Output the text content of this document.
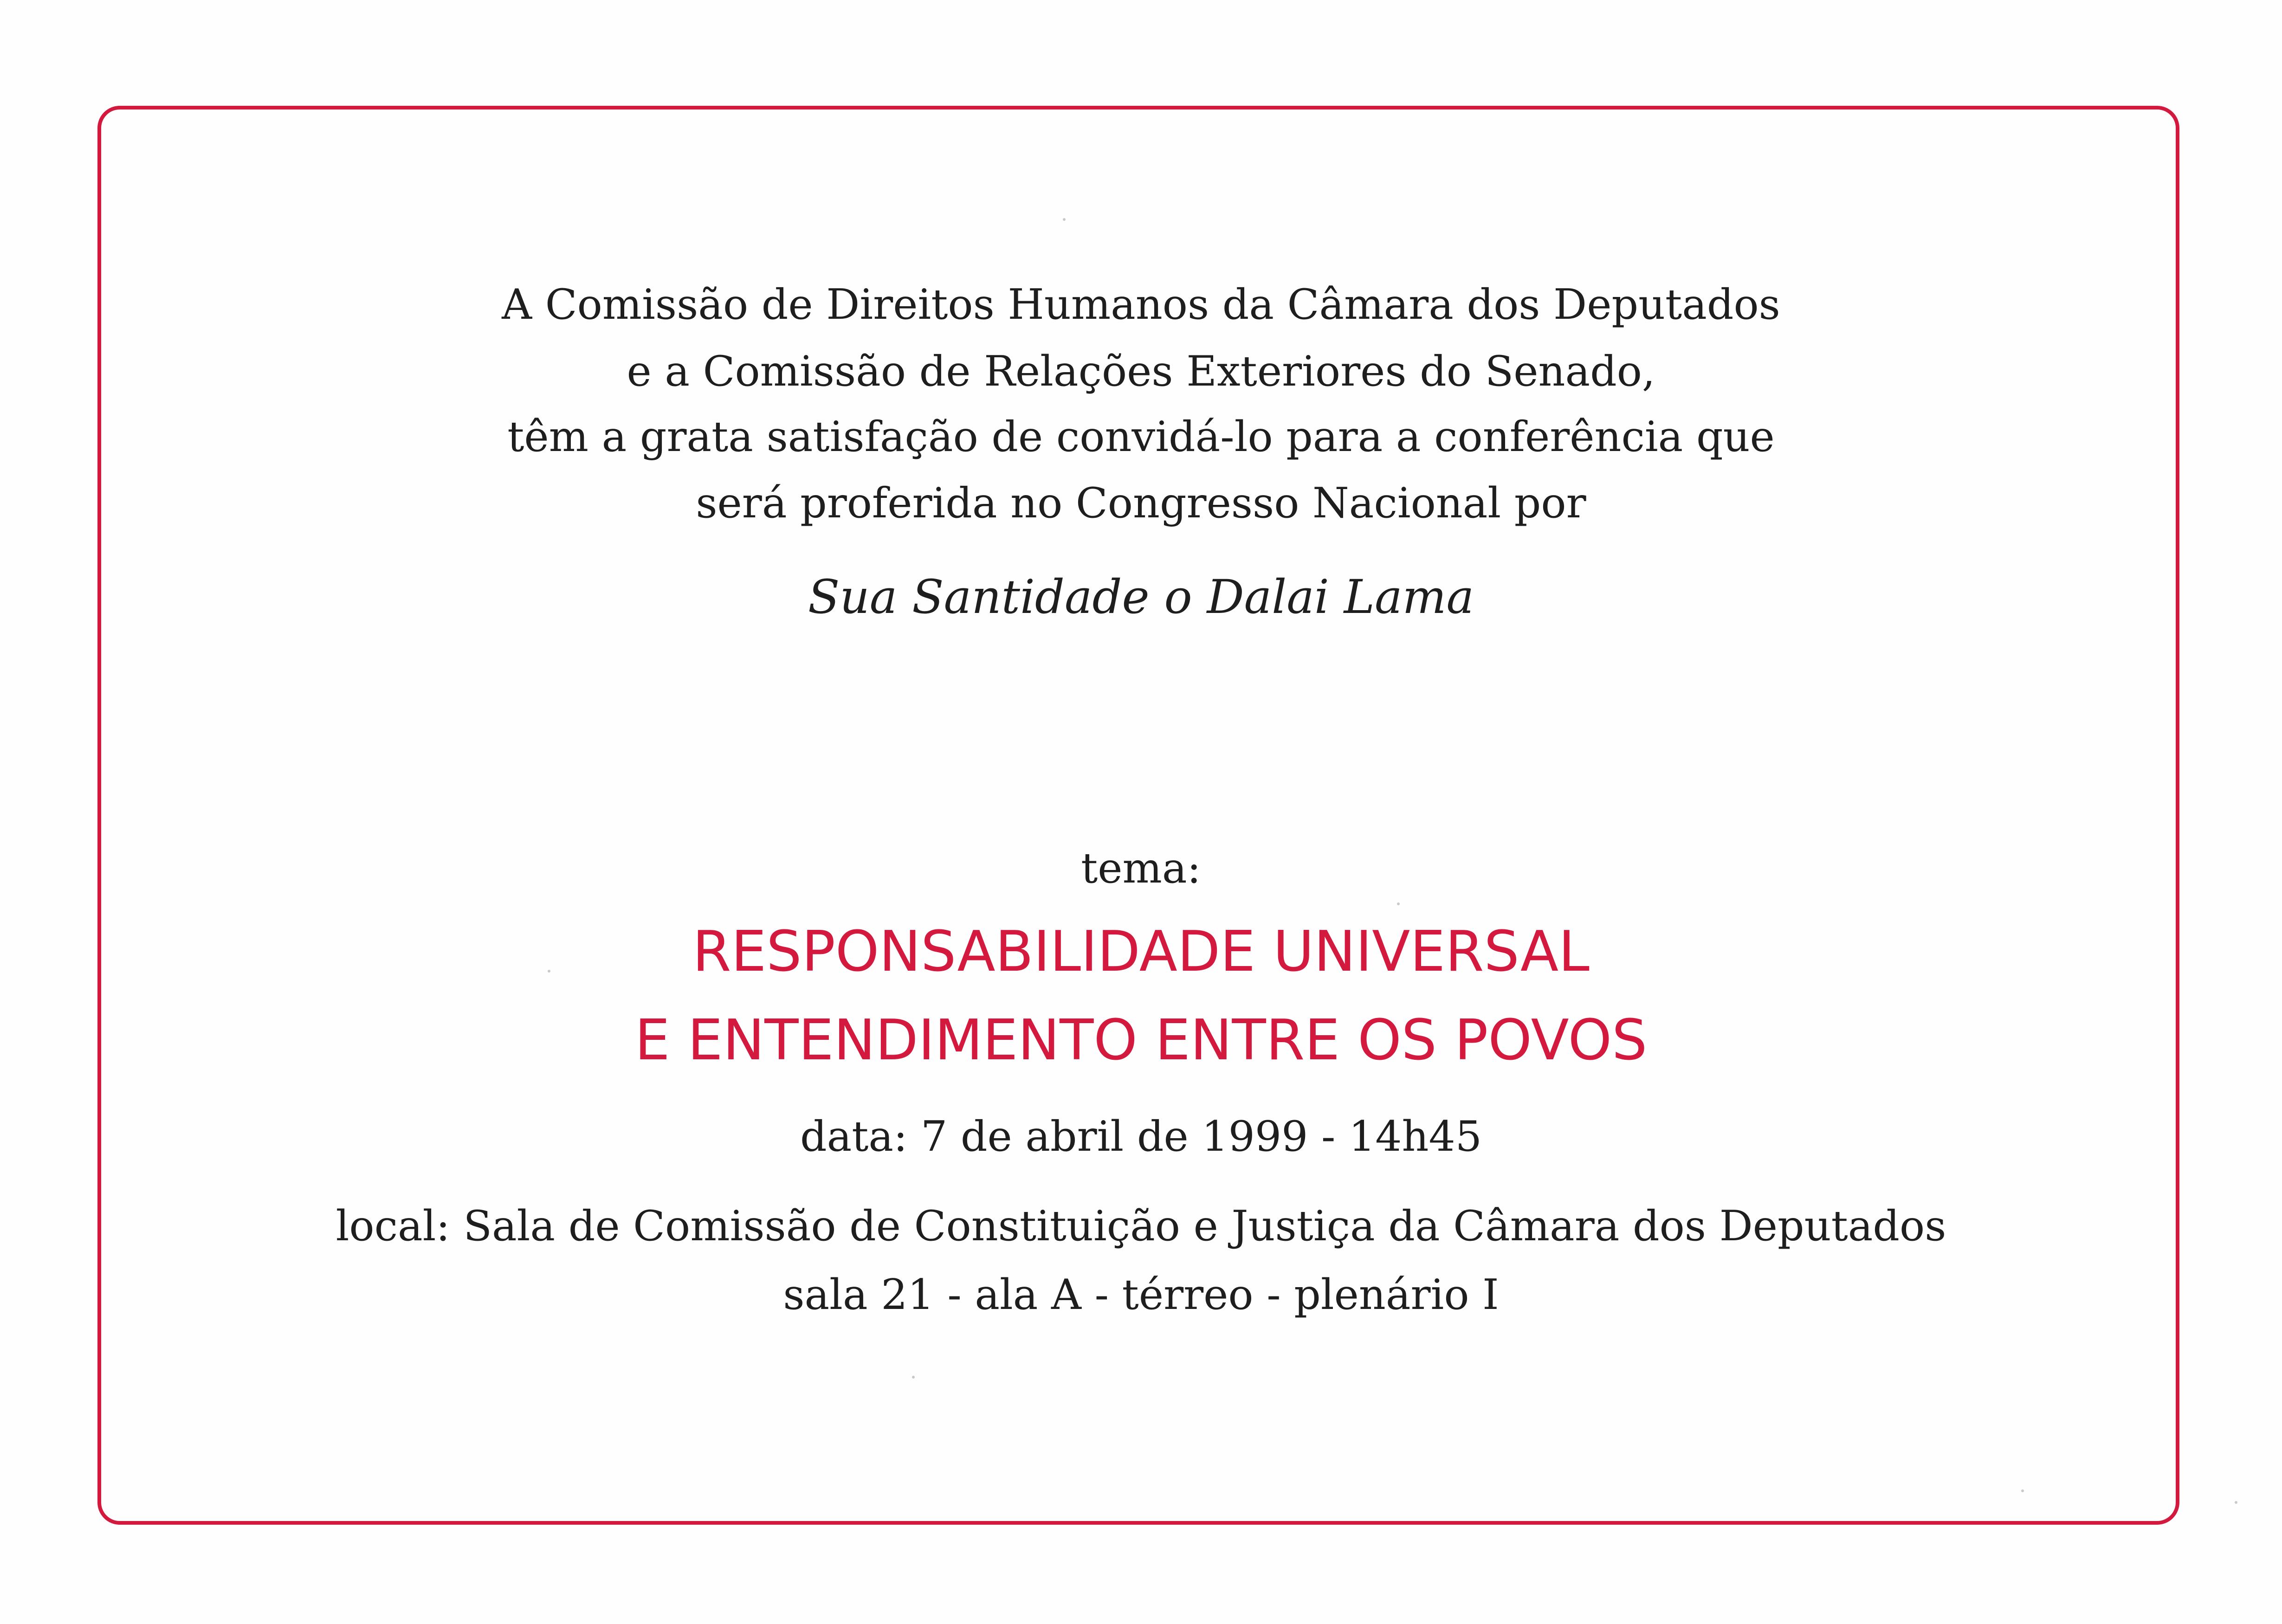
A Comissão de Direitos Humanos da Câmara dos Deputados
e a Comissão de Relações Exteriores do Senado,
têm a grata satisfação de convidá-lo para a conferência que
será proferida no Congresso Nacional por
Sua Santidade o Dalai Lama
tema:
RESPONSABILIDADE UNIVERSAL
E ENTENDIMENTO ENTRE OS POVOS
data: 7 de abril de 1999 - 14h45
local: Sala de Comissão de Constituição e Justiça da Câmara dos Deputados
sala 21 - ala A - térreo - plenário I
